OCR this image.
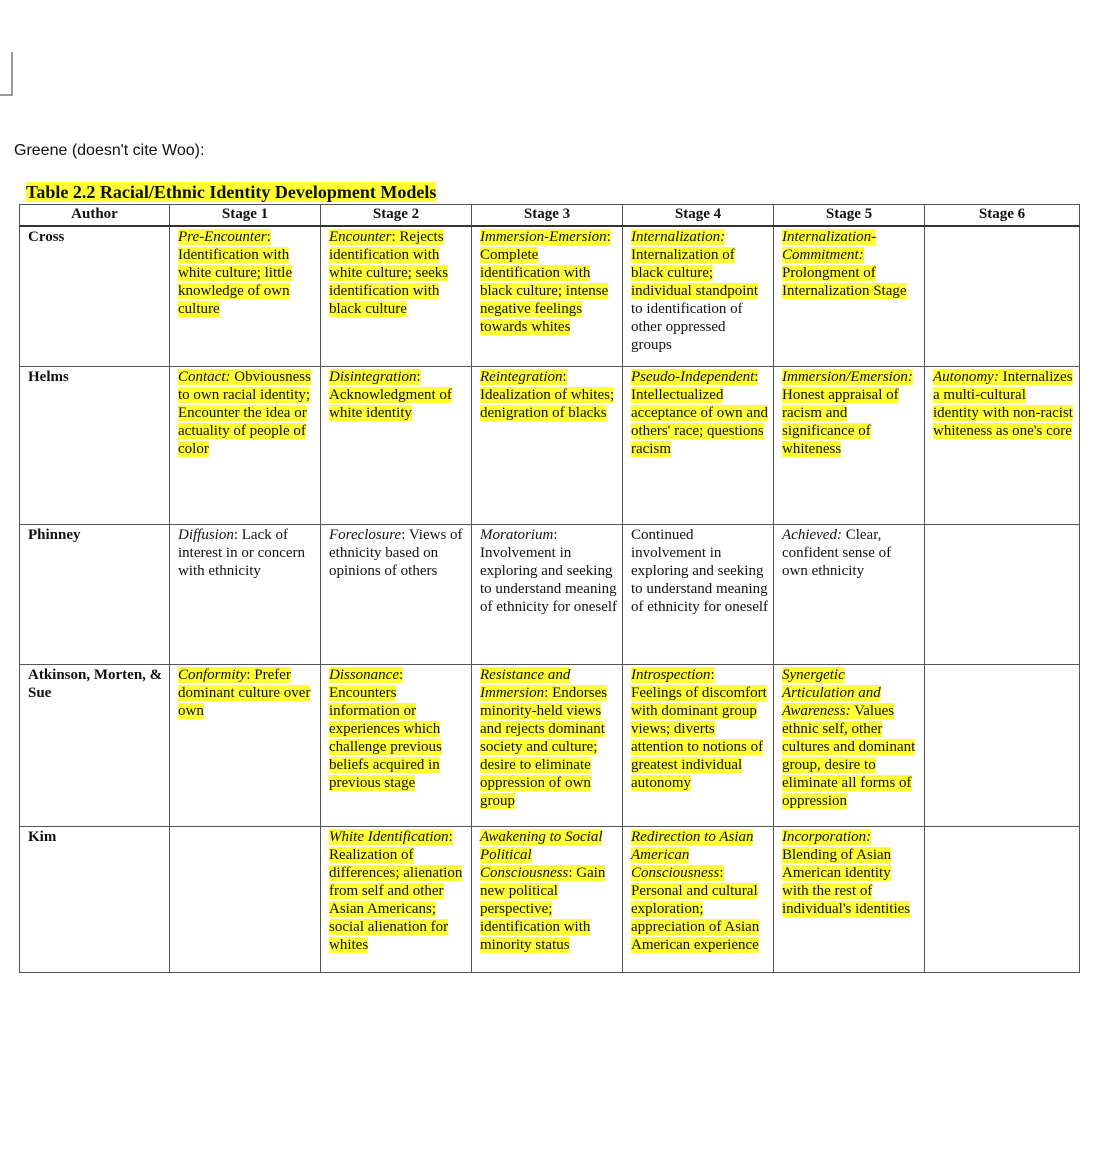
Greene (doesn't cite Woo):
Table 2.2 Racial/Ethnic Identity Development Models
Author	Stage 1	Stage 2	Stage 3	Stage 4	Stage 5	Stage 6
Cross	Pre-Encounter: Identification with white culture; little knowledge of own culture	Encounter: Rejects identification with white culture; seeks identification with black culture	Immersion-Emersion: Complete identification with black culture; intense negative feelings towards whites	Internalization: Internalization of black culture; individual standpoint to identification of other oppressed groups	Internalization-Commitment: Prolongment of Internalization Stage	
Helms	Contact: Obviousness to own racial identity; Encounter the idea or actuality of people of color	Disintegration: Acknowledgment of white identity	Reintegration: Idealization of whites; denigration of blacks	Pseudo-Independent: Intellectualized acceptance of own and others' race; questions racism	Immersion/Emersion: Honest appraisal of racism and significance of whiteness	Autonomy: Internalizes a multi-cultural identity with non-racist whiteness as one's core
Phinney	Diffusion: Lack of interest in or concern with ethnicity	Foreclosure: Views of ethnicity based on opinions of others	Moratorium: Involvement in exploring and seeking to understand meaning of ethnicity for oneself	Continued involvement in exploring and seeking to understand meaning of ethnicity for oneself	Achieved: Clear, confident sense of own ethnicity	
Atkinson, Morten, & Sue	Conformity: Prefer dominant culture over own	Dissonance: Encounters information or experiences which challenge previous beliefs acquired in previous stage	Resistance and Immersion: Endorses minority-held views and rejects dominant society and culture; desire to eliminate oppression of own group	Introspection: Feelings of discomfort with dominant group views; diverts attention to notions of greatest individual autonomy	Synergetic Articulation and Awareness: Values ethnic self, other cultures and dominant group, desire to eliminate all forms of oppression	
Kim		White Identification: Realization of differences; alienation from self and other Asian Americans; social alienation for whites	Awakening to Social Political Consciousness: Gain new political perspective; identification with minority status	Redirection to Asian American Consciousness: Personal and cultural exploration; appreciation of Asian American experience	Incorporation: Blending of Asian American identity with the rest of individual's identities	
